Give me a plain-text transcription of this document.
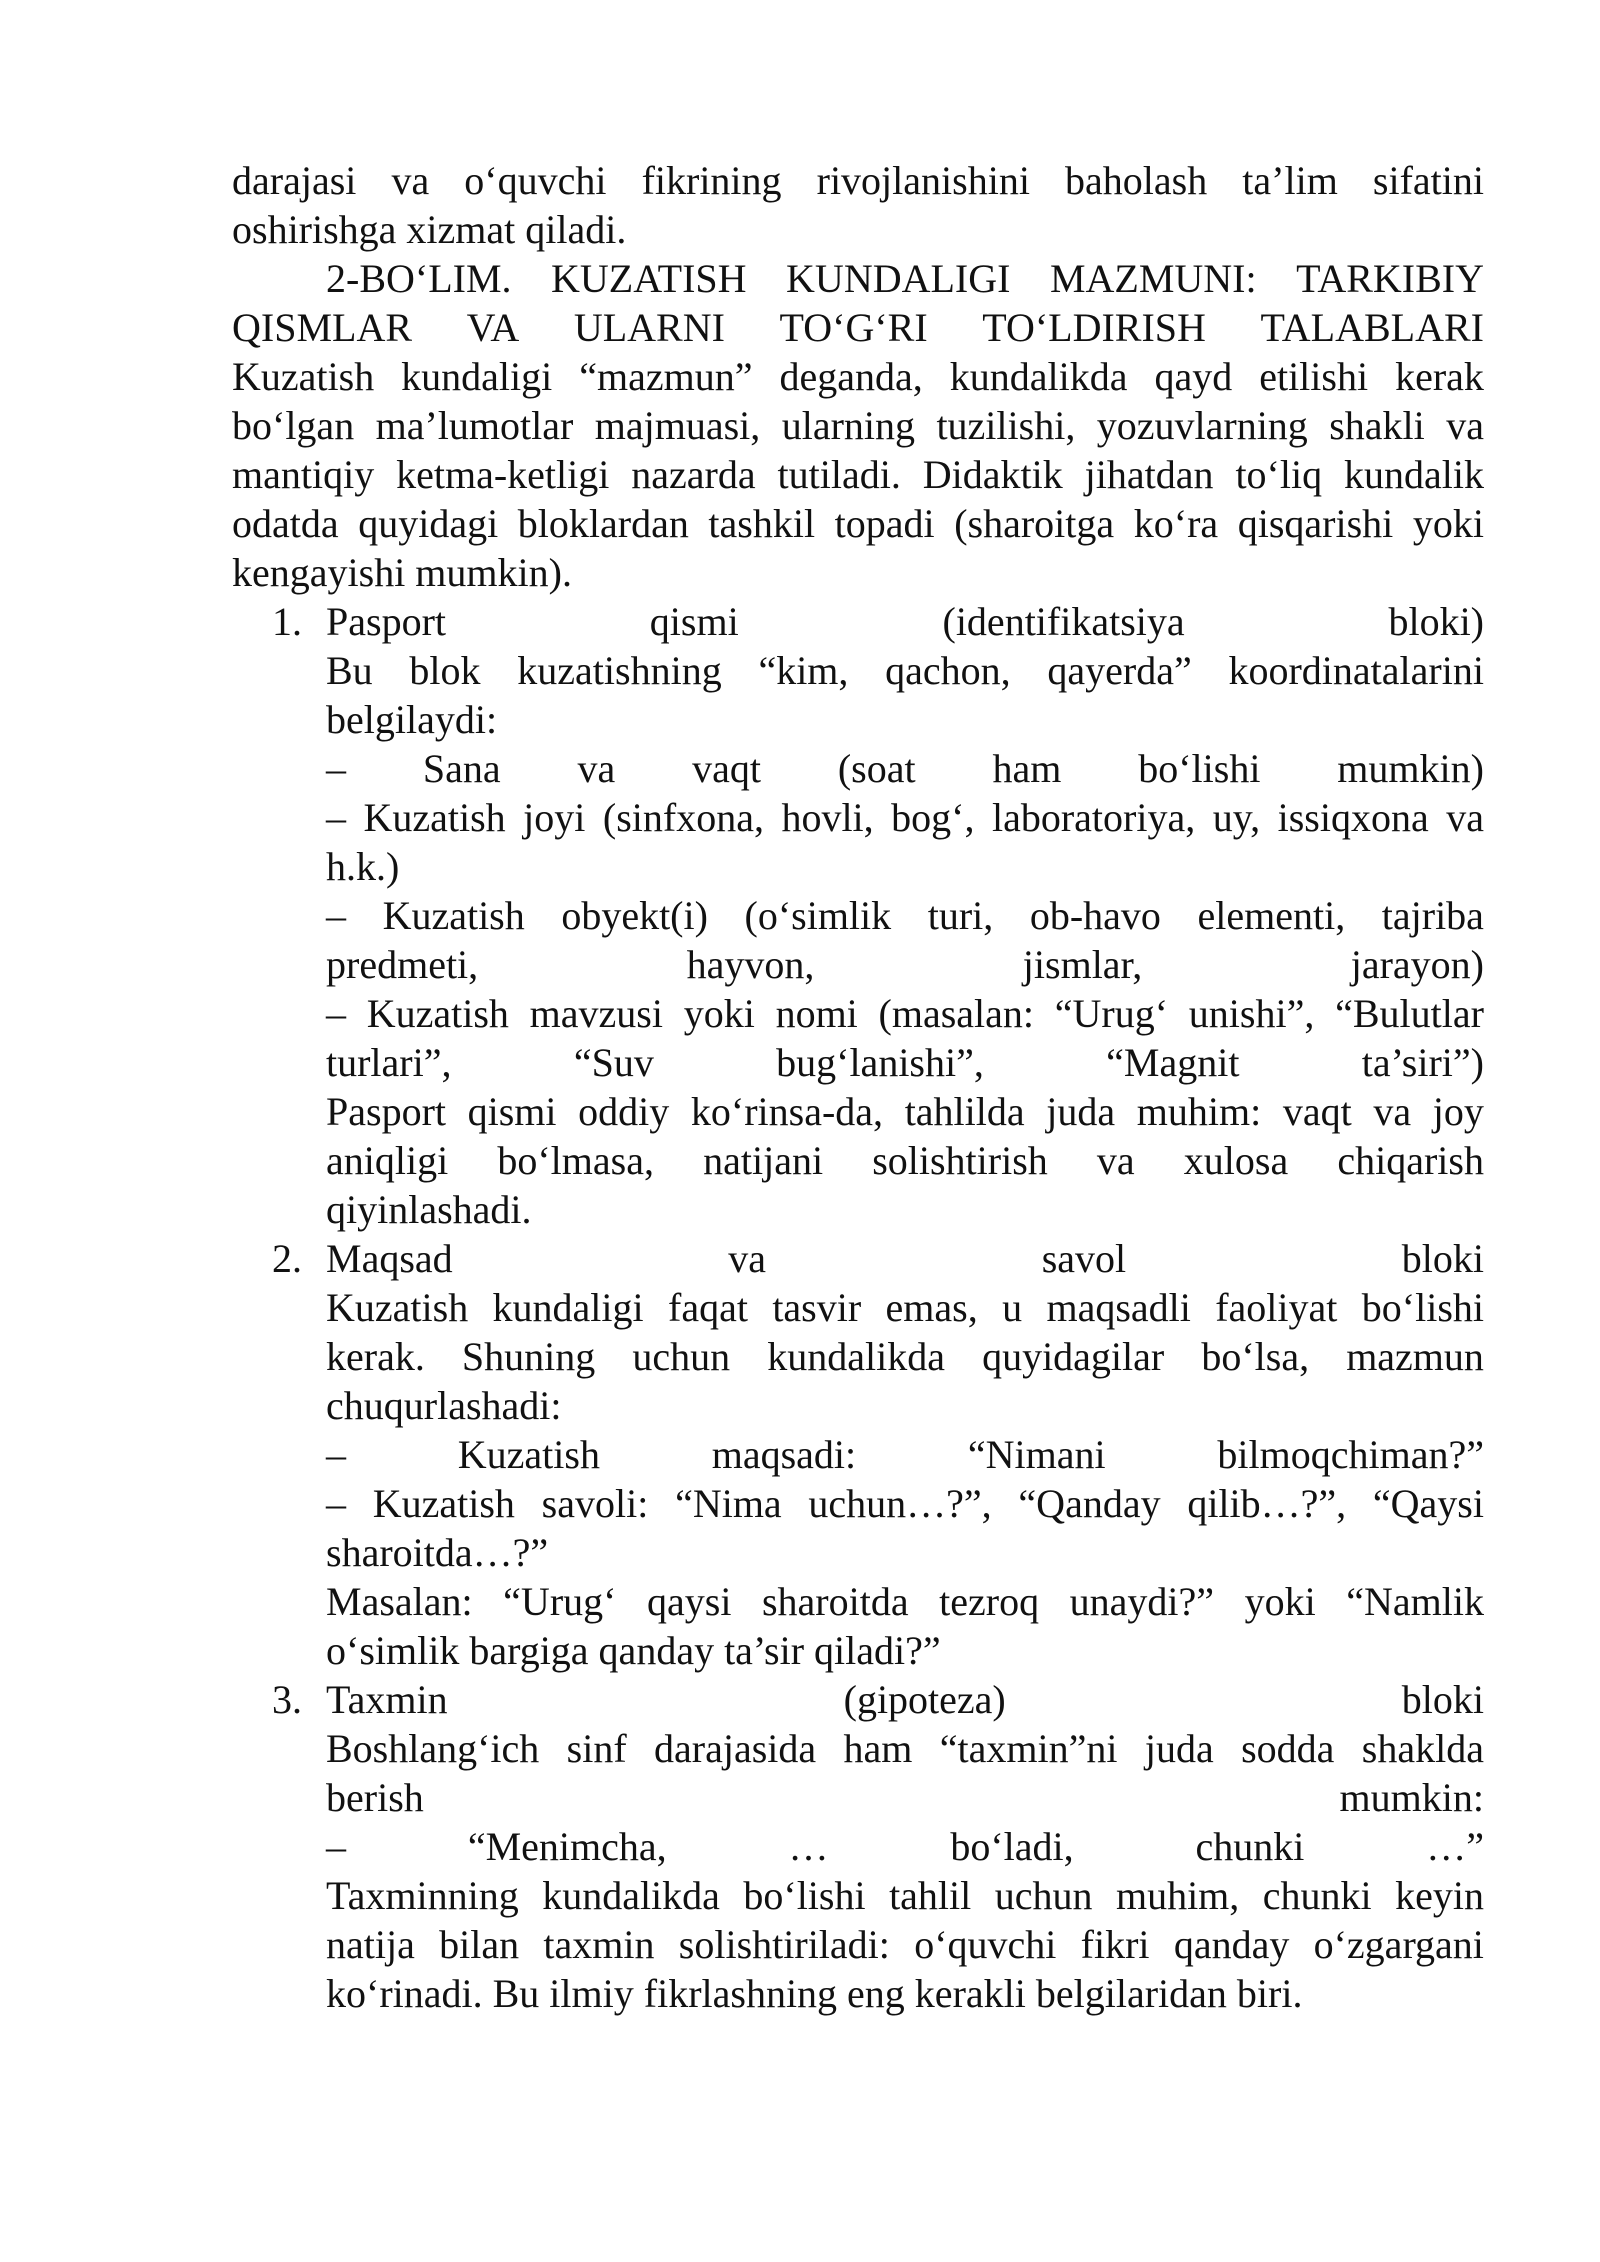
darajasi va o‘quvchi fikrining rivojlanishini baholash ta’lim sifatini
oshirishga xizmat qiladi.
2-BO‘LIM. KUZATISH KUNDALIGI MAZMUNI: TARKIBIY
QISMLAR VA ULARNI TO‘G‘RI TO‘LDIRISH TALABLARI
Kuzatish kundaligi “mazmun” deganda, kundalikda qayd etilishi kerak
bo‘lgan ma’lumotlar majmuasi, ularning tuzilishi, yozuvlarning shakli va
mantiqiy ketma-ketligi nazarda tutiladi. Didaktik jihatdan to‘liq kundalik
odatda quyidagi bloklardan tashkil topadi (sharoitga ko‘ra qisqarishi yoki
kengayishi mumkin).
1. Pasport	qismi	(identifikatsiya	bloki)
Bu blok kuzatishning “kim, qachon, qayerda” koordinatalarini
belgilaydi:
– Sana va vaqt (soat ham bo‘lishi mumkin)
– Kuzatish joyi (sinfxona, hovli, bog‘, laboratoriya, uy, issiqxona va
h.k.)
– Kuzatish obyekt(i) (o‘simlik turi, ob-havo elementi, tajriba
predmeti,	hayvon,	jismlar,	jarayon)
– Kuzatish mavzusi yoki nomi (masalan: “Urug‘ unishi”, “Bulutlar
turlari”,	“Suv	bug‘lanishi”,	“Magnit	ta’siri”)
Pasport qismi oddiy ko‘rinsa-da, tahlilda juda muhim: vaqt va joy
aniqligi bo‘lmasa, natijani solishtirish va xulosa chiqarish
qiyinlashadi.
2. Maqsad	va	savol	bloki
Kuzatish kundaligi faqat tasvir emas, u maqsadli faoliyat bo‘lishi
kerak. Shuning uchun kundalikda quyidagilar bo‘lsa, mazmun
chuqurlashadi:
–	Kuzatish	maqsadi:	“Nimani	bilmoqchiman?”
– Kuzatish savoli: “Nima uchun…?”, “Qanday qilib…?”, “Qaysi
sharoitda…?”
Masalan: “Urug‘ qaysi sharoitda tezroq unaydi?” yoki “Namlik
o‘simlik bargiga qanday ta’sir qiladi?”
3. Taxmin	(gipoteza)	bloki
Boshlang‘ich sinf darajasida ham “taxmin”ni juda sodda shaklda
berish	mumkin:
–	“Menimcha,	…	bo‘ladi,	chunki	…”
Taxminning kundalikda bo‘lishi tahlil uchun muhim, chunki keyin
natija bilan taxmin solishtiriladi: o‘quvchi fikri qanday o‘zgargani
ko‘rinadi. Bu ilmiy fikrlashning eng kerakli belgilaridan biri.
